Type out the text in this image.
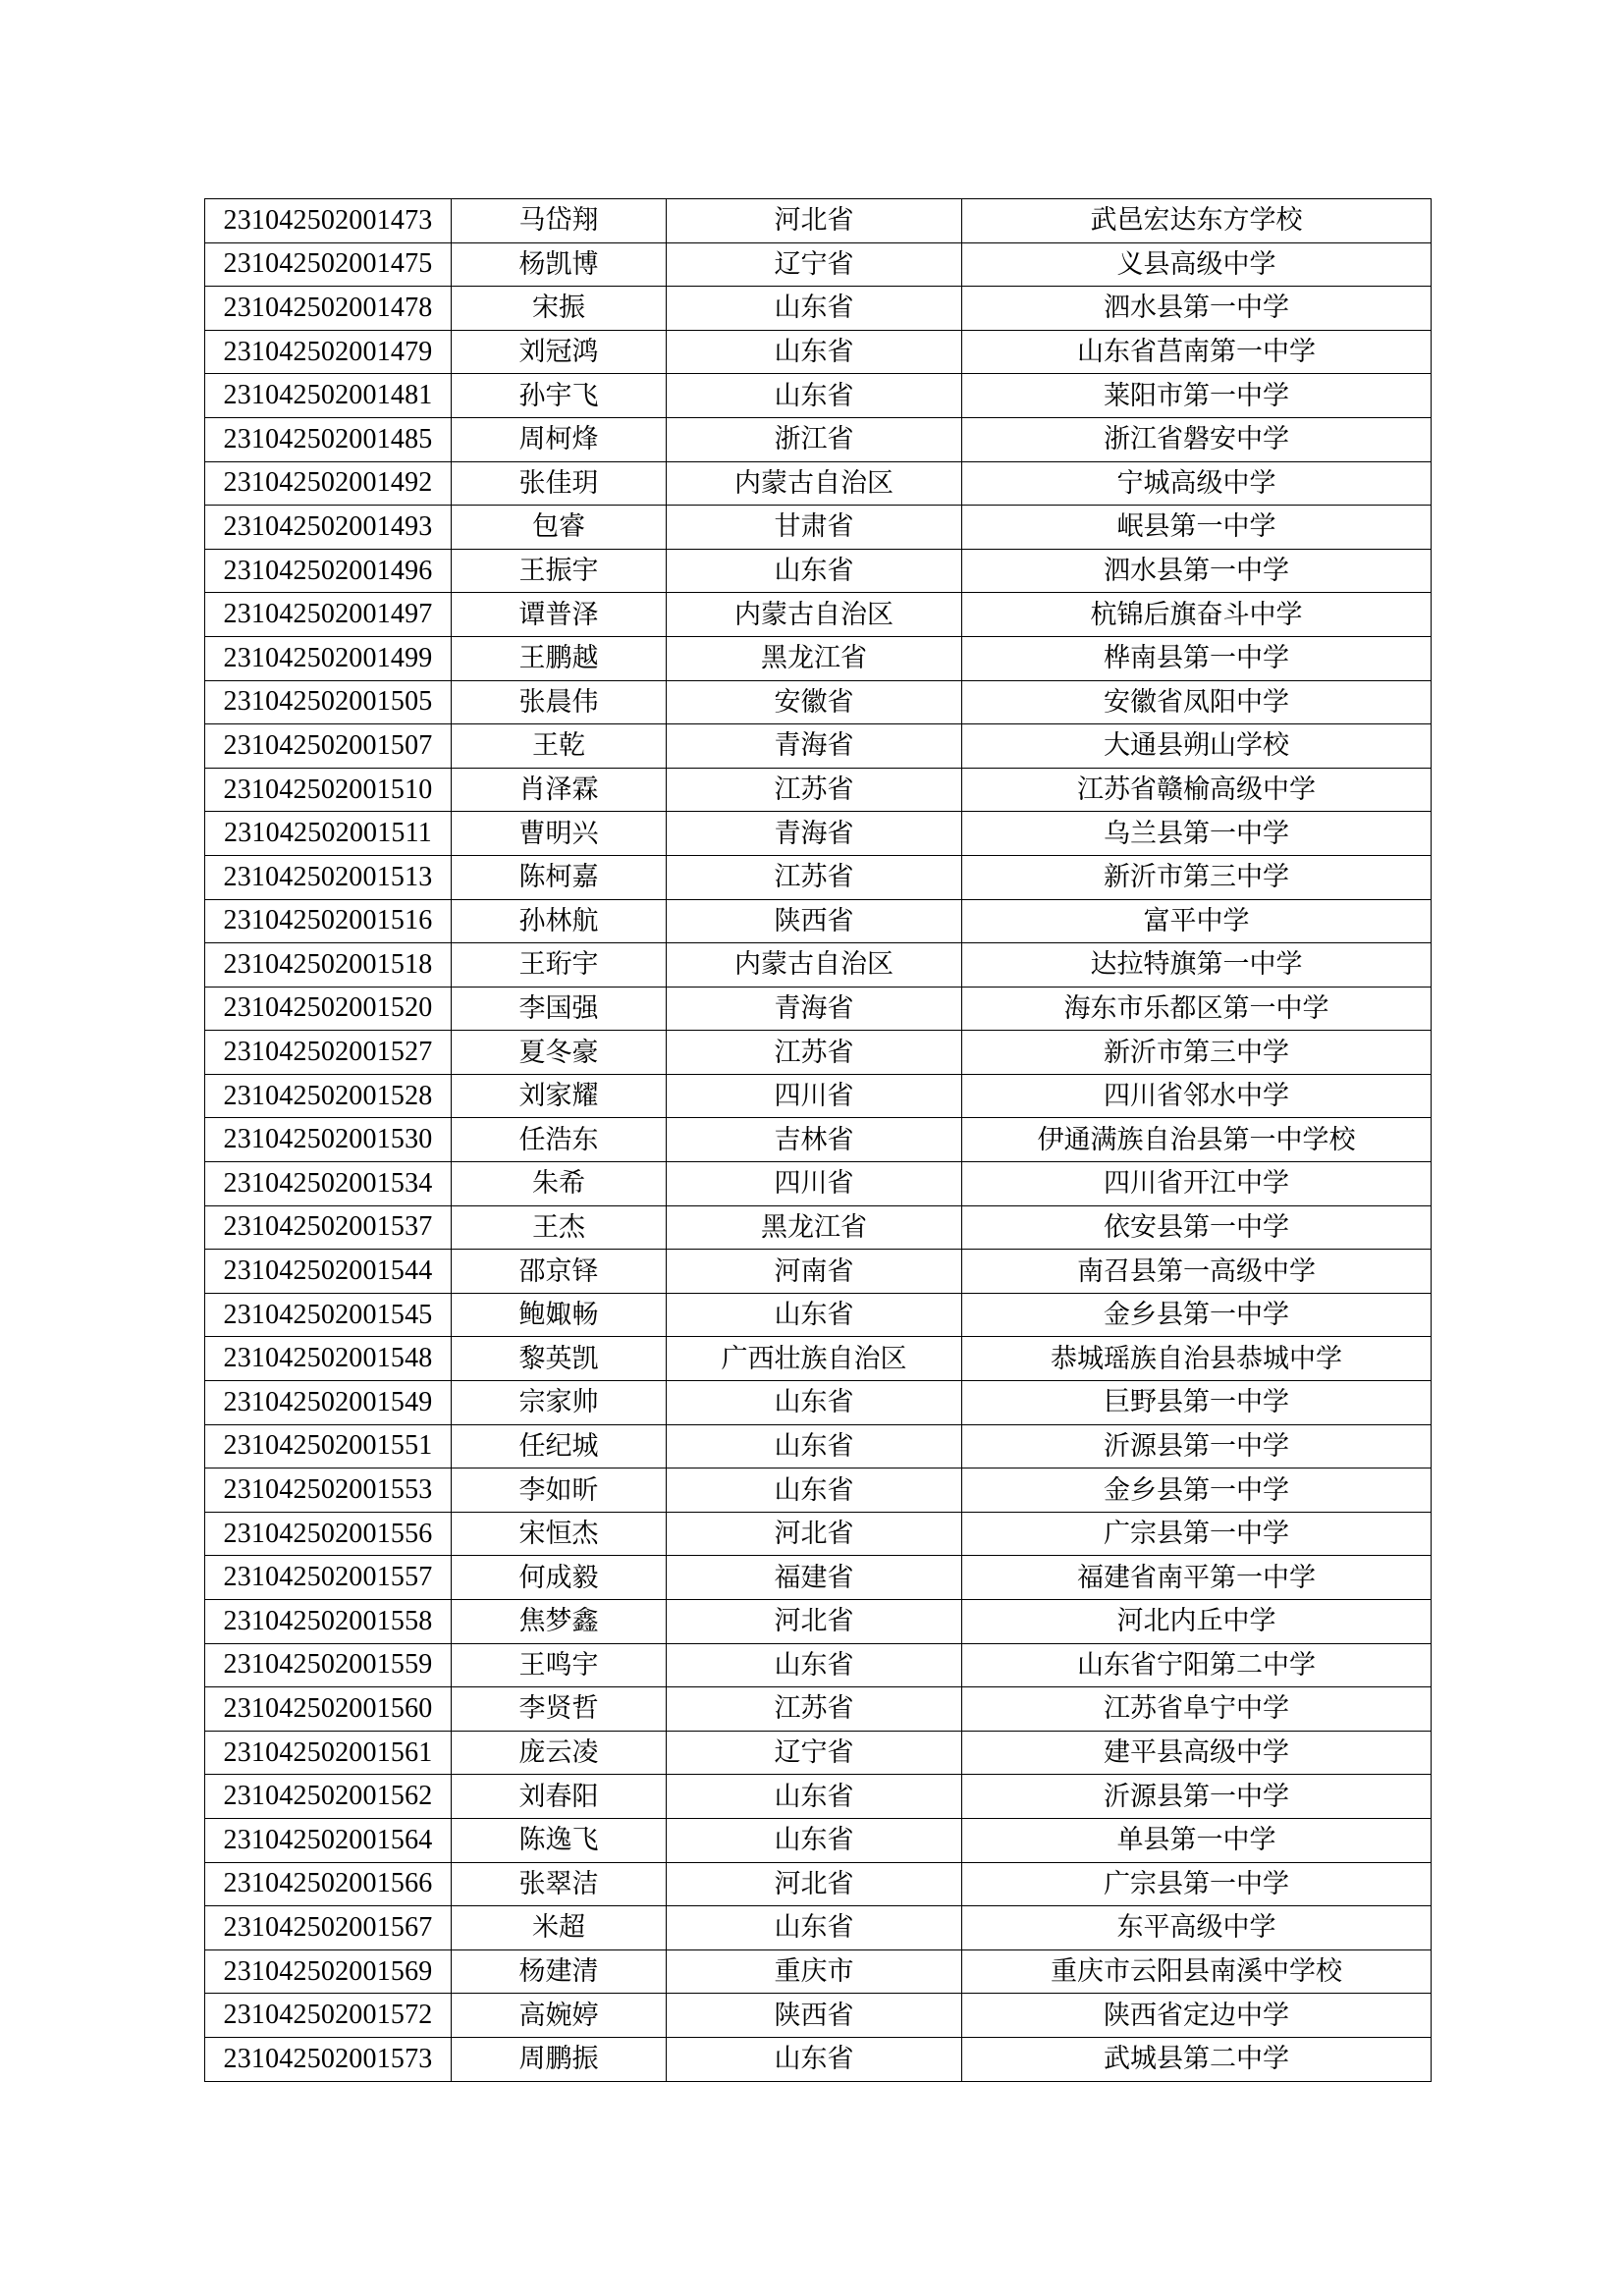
231042502001473	马岱翔	河北省	武邑宏达东方学校
231042502001475	杨凯博	辽宁省	义县高级中学
231042502001478	宋振	山东省	泗水县第一中学
231042502001479	刘冠鸿	山东省	山东省莒南第一中学
231042502001481	孙宇飞	山东省	莱阳市第一中学
231042502001485	周柯烽	浙江省	浙江省磐安中学
231042502001492	张佳玥	内蒙古自治区	宁城高级中学
231042502001493	包睿	甘肃省	岷县第一中学
231042502001496	王振宇	山东省	泗水县第一中学
231042502001497	谭普泽	内蒙古自治区	杭锦后旗奋斗中学
231042502001499	王鹏越	黑龙江省	桦南县第一中学
231042502001505	张晨伟	安徽省	安徽省凤阳中学
231042502001507	王乾	青海省	大通县朔山学校
231042502001510	肖泽霖	江苏省	江苏省赣榆高级中学
231042502001511	曹明兴	青海省	乌兰县第一中学
231042502001513	陈柯嘉	江苏省	新沂市第三中学
231042502001516	孙林航	陕西省	富平中学
231042502001518	王珩宇	内蒙古自治区	达拉特旗第一中学
231042502001520	李国强	青海省	海东市乐都区第一中学
231042502001527	夏冬豪	江苏省	新沂市第三中学
231042502001528	刘家耀	四川省	四川省邻水中学
231042502001530	任浩东	吉林省	伊通满族自治县第一中学校
231042502001534	朱希	四川省	四川省开江中学
231042502001537	王杰	黑龙江省	依安县第一中学
231042502001544	邵京铎	河南省	南召县第一高级中学
231042502001545	鲍娵畅	山东省	金乡县第一中学
231042502001548	黎英凯	广西壮族自治区	恭城瑶族自治县恭城中学
231042502001549	宗家帅	山东省	巨野县第一中学
231042502001551	任纪城	山东省	沂源县第一中学
231042502001553	李如昕	山东省	金乡县第一中学
231042502001556	宋恒杰	河北省	广宗县第一中学
231042502001557	何成毅	福建省	福建省南平第一中学
231042502001558	焦梦鑫	河北省	河北内丘中学
231042502001559	王鸣宇	山东省	山东省宁阳第二中学
231042502001560	李贤哲	江苏省	江苏省阜宁中学
231042502001561	庞云凌	辽宁省	建平县高级中学
231042502001562	刘春阳	山东省	沂源县第一中学
231042502001564	陈逸飞	山东省	单县第一中学
231042502001566	张翠洁	河北省	广宗县第一中学
231042502001567	米超	山东省	东平高级中学
231042502001569	杨建清	重庆市	重庆市云阳县南溪中学校
231042502001572	高婉婷	陕西省	陕西省定边中学
231042502001573	周鹏振	山东省	武城县第二中学
